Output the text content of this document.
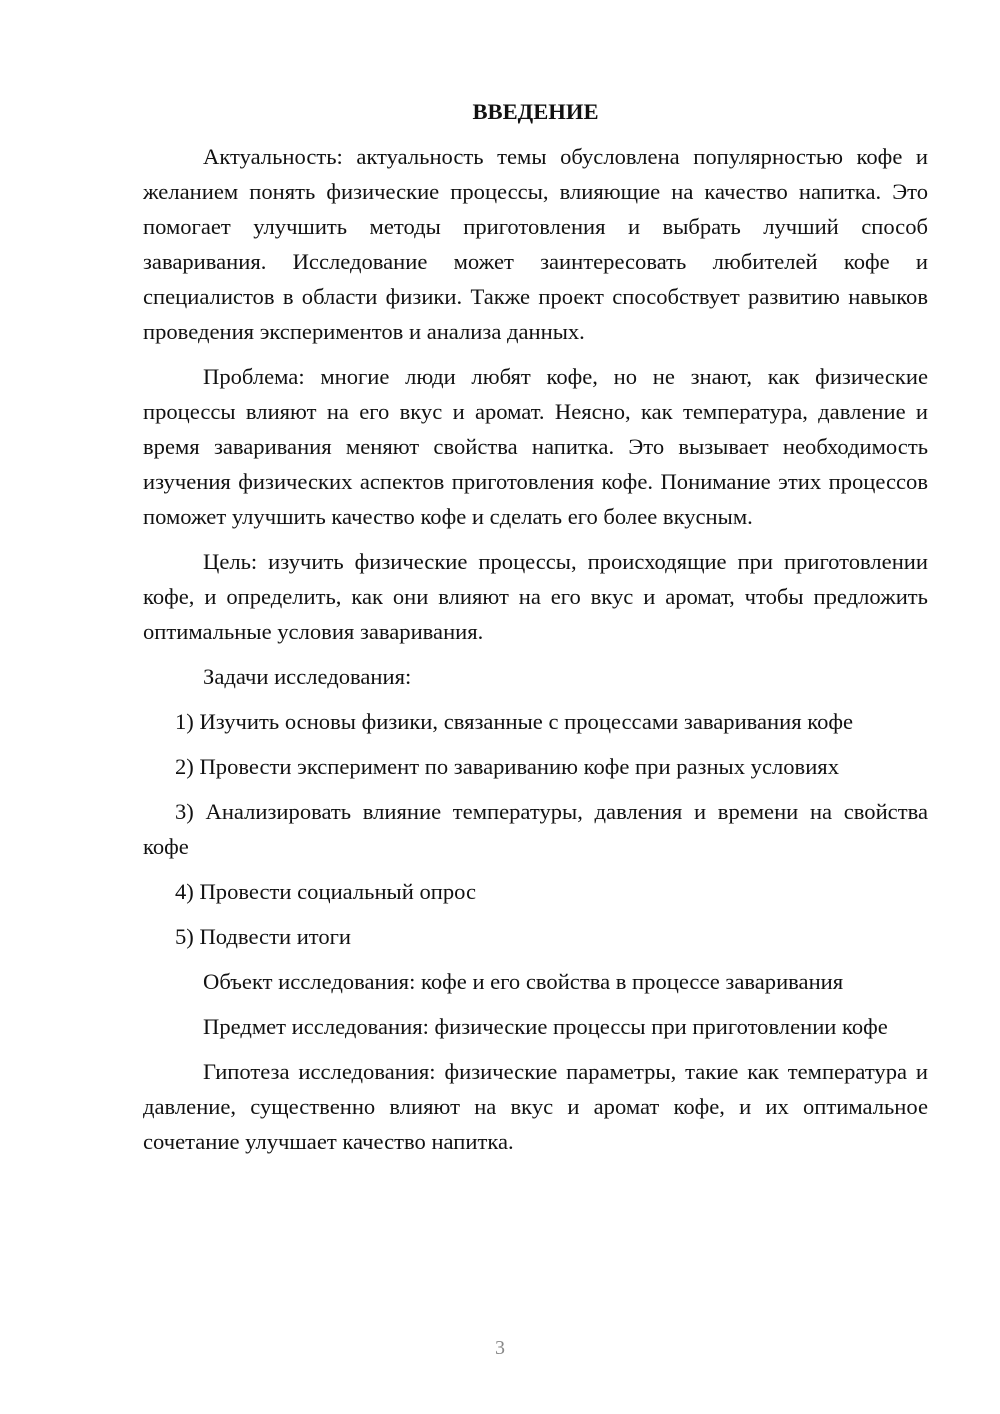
ВВЕДЕНИЕ

Актуальность: актуальность темы обусловлена популярностью кофе и желанием понять физические процессы, влияющие на качество напитка. Это помогает улучшить методы приготовления и выбрать лучший способ заваривания. Исследование может заинтересовать любителей кофе и специалистов в области физики. Также проект способствует развитию навыков проведения экспериментов и анализа данных.

Проблема: многие люди любят кофе, но не знают, как физические процессы влияют на его вкус и аромат. Неясно, как температура, давление и время заваривания меняют свойства напитка. Это вызывает необходимость изучения физических аспектов приготовления кофе. Понимание этих процессов поможет улучшить качество кофе и сделать его более вкусным.

Цель: изучить физические процессы, происходящие при приготовлении кофе, и определить, как они влияют на его вкус и аромат, чтобы предложить оптимальные условия заваривания.

Задачи исследования:

1) Изучить основы физики, связанные с процессами заваривания кофе

2) Провести эксперимент по завариванию кофе при разных условиях

3) Анализировать влияние температуры, давления и времени на свойства кофе

4) Провести социальный опрос

5) Подвести итоги

Объект исследования: кофе и его свойства в процессе заваривания

Предмет исследования: физические процессы при приготовлении кофе

Гипотеза исследования: физические параметры, такие как температура и давление, существенно влияют на вкус и аромат кофе, и их оптимальное сочетание улучшает качество напитка.

3
